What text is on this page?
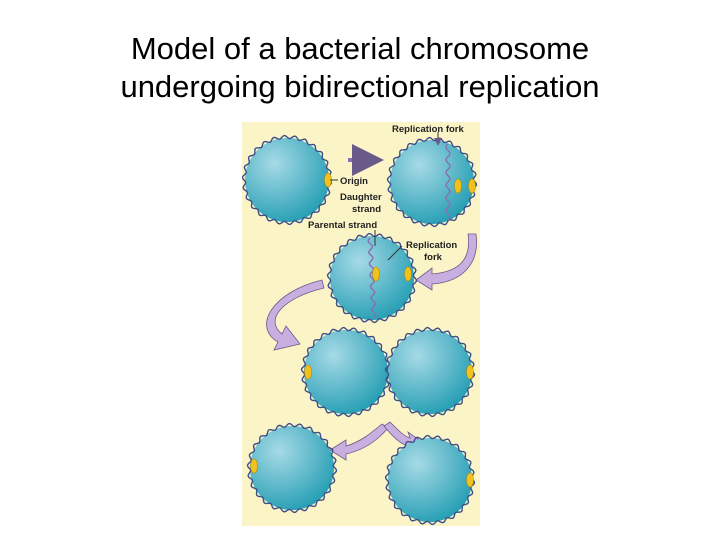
Model of a bacterial chromosome
undergoing bidirectional replication
Replication fork
Origin
Daughter
strand
Parental strand
Replication
fork
